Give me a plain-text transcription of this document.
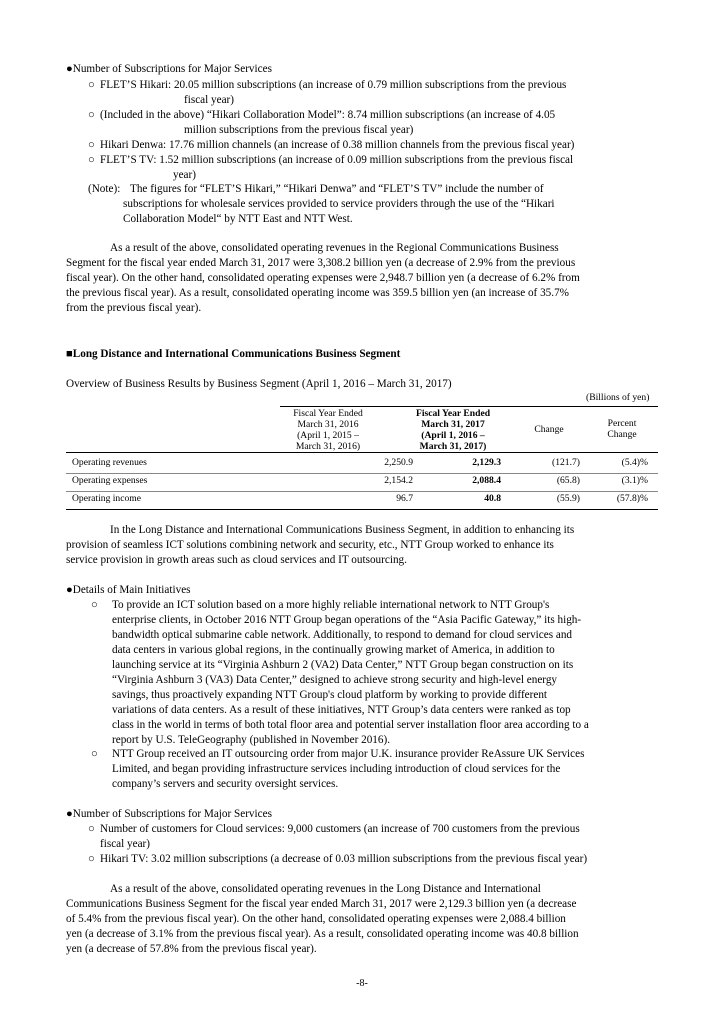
●Number of Subscriptions for Major Services
○ FLET’S Hikari: 20.05 million subscriptions (an increase of 0.79 million subscriptions from the previous
fiscal year)
○ (Included in the above) “Hikari Collaboration Model”: 8.74 million subscriptions (an increase of 4.05
million subscriptions from the previous fiscal year)
○ Hikari Denwa: 17.76 million channels (an increase of 0.38 million channels from the previous fiscal year)
○ FLET’S TV: 1.52 million subscriptions (an increase of 0.09 million subscriptions from the previous fiscal
year)
(Note): The figures for “FLET’S Hikari,” “Hikari Denwa” and “FLET’S TV” include the number of
subscriptions for wholesale services provided to service providers through the use of the “Hikari
Collaboration Model“ by NTT East and NTT West.
As a result of the above, consolidated operating revenues in the Regional Communications Business
Segment for the fiscal year ended March 31, 2017 were 3,308.2 billion yen (a decrease of 2.9% from the previous
fiscal year). On the other hand, consolidated operating expenses were 2,948.7 billion yen (a decrease of 6.2% from
the previous fiscal year). As a result, consolidated operating income was 359.5 billion yen (an increase of 35.7%
from the previous fiscal year).
■Long Distance and International Communications Business Segment
Overview of Business Results by Business Segment (April 1, 2016 – March 31, 2017)
(Billions of yen)
Fiscal Year Ended
March 31, 2016
(April 1, 2015 –
March 31, 2016)
Fiscal Year Ended
March 31, 2017
(April 1, 2016 –
March 31, 2017)
Change
Percent
Change
Operating revenues	2,250.9	2,129.3	(121.7)	(5.4)%
Operating expenses	2,154.2	2,088.4	(65.8)	(3.1)%
Operating income	96.7	40.8	(55.9)	(57.8)%
In the Long Distance and International Communications Business Segment, in addition to enhancing its
provision of seamless ICT solutions combining network and security, etc., NTT Group worked to enhance its
service provision in growth areas such as cloud services and IT outsourcing.
●Details of Main Initiatives
○ To provide an ICT solution based on a more highly reliable international network to NTT Group's
enterprise clients, in October 2016 NTT Group began operations of the “Asia Pacific Gateway,” its high-
bandwidth optical submarine cable network. Additionally, to respond to demand for cloud services and
data centers in various global regions, in the continually growing market of America, in addition to
launching service at its “Virginia Ashburn 2 (VA2) Data Center,” NTT Group began construction on its
“Virginia Ashburn 3 (VA3) Data Center,” designed to achieve strong security and high-level energy
savings, thus proactively expanding NTT Group's cloud platform by working to provide different
variations of data centers. As a result of these initiatives, NTT Group’s data centers were ranked as top
class in the world in terms of both total floor area and potential server installation floor area according to a
report by U.S. TeleGeography (published in November 2016).
○ NTT Group received an IT outsourcing order from major U.K. insurance provider ReAssure UK Services
Limited, and began providing infrastructure services including introduction of cloud services for the
company’s servers and security oversight services.
●Number of Subscriptions for Major Services
○ Number of customers for Cloud services: 9,000 customers (an increase of 700 customers from the previous
fiscal year)
○ Hikari TV: 3.02 million subscriptions (a decrease of 0.03 million subscriptions from the previous fiscal year)
As a result of the above, consolidated operating revenues in the Long Distance and International
Communications Business Segment for the fiscal year ended March 31, 2017 were 2,129.3 billion yen (a decrease
of 5.4% from the previous fiscal year). On the other hand, consolidated operating expenses were 2,088.4 billion
yen (a decrease of 3.1% from the previous fiscal year). As a result, consolidated operating income was 40.8 billion
yen (a decrease of 57.8% from the previous fiscal year).
-8-
